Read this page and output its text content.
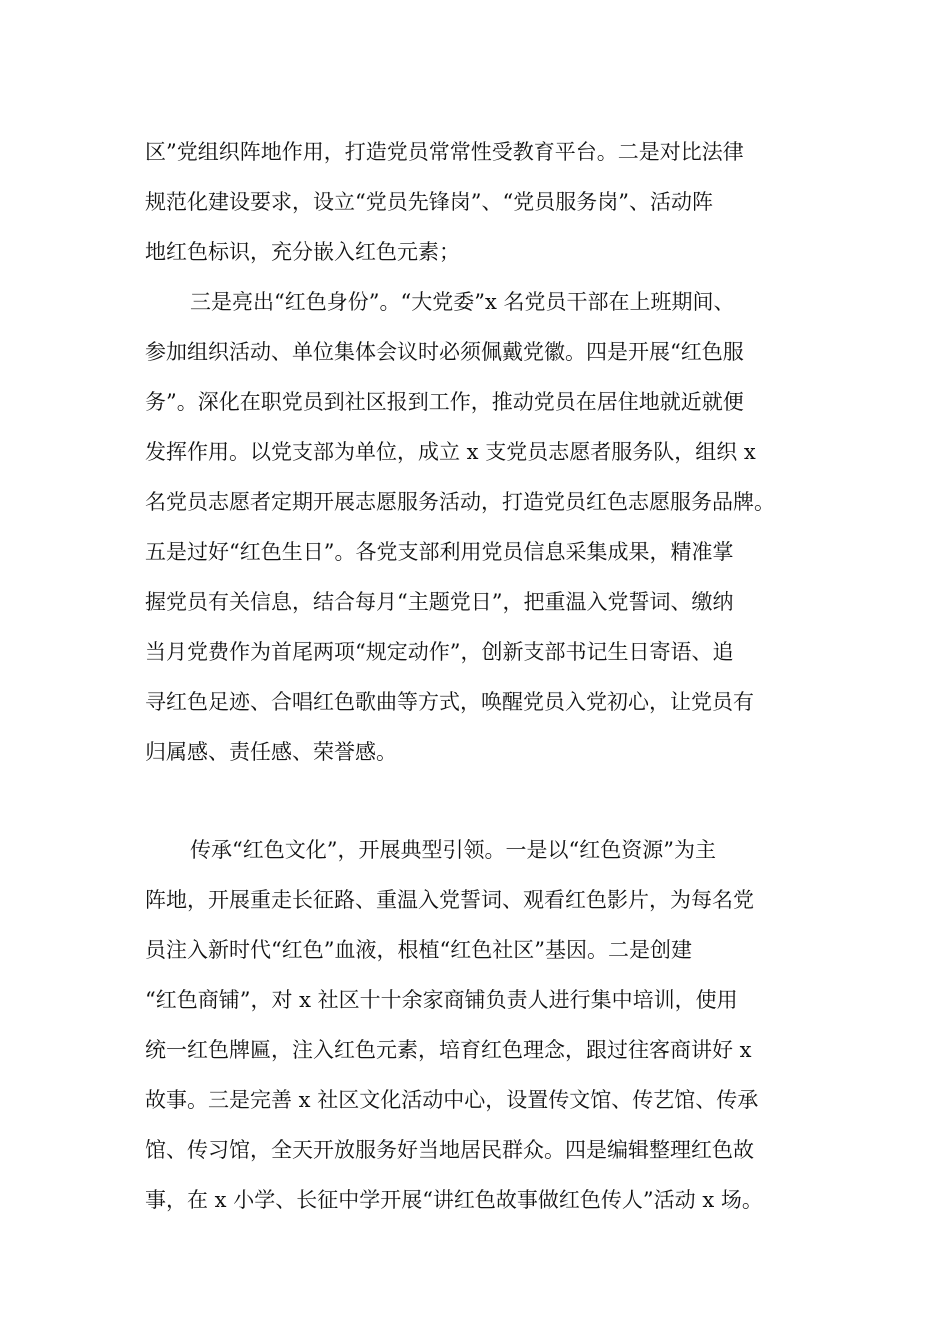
区”党组织阵地作用，打造党员常常性受教育平台。二是对比法律
规范化建设要求，设立“党员先锋岗”、“党员服务岗”、活动阵
地红色标识，充分嵌入红色元素；
三是亮出“红色身份”。“大党委”x 名党员干部在上班期间、
参加组织活动、单位集体会议时必须佩戴党徽。四是开展“红色服
务”。深化在职党员到社区报到工作，推动党员在居住地就近就便
发挥作用。以党支部为单位，成立 x 支党员志愿者服务队，组织 x
名党员志愿者定期开展志愿服务活动，打造党员红色志愿服务品牌。
五是过好“红色生日”。各党支部利用党员信息采集成果，精准掌
握党员有关信息，结合每月“主题党日”，把重温入党誓词、缴纳
当月党费作为首尾两项“规定动作”，创新支部书记生日寄语、追
寻红色足迹、合唱红色歌曲等方式，唤醒党员入党初心，让党员有
归属感、责任感、荣誉感。
传承“红色文化”，开展典型引领。一是以“红色资源”为主
阵地，开展重走长征路、重温入党誓词、观看红色影片，为每名党
员注入新时代“红色”血液，根植“红色社区”基因。二是创建
“红色商铺”，对 x 社区十十余家商铺负责人进行集中培训，使用
统一红色牌匾，注入红色元素，培育红色理念，跟过往客商讲好 x
故事。三是完善 x 社区文化活动中心，设置传文馆、传艺馆、传承
馆、传习馆，全天开放服务好当地居民群众。四是编辑整理红色故
事，在 x 小学、长征中学开展“讲红色故事做红色传人”活动 x 场。
